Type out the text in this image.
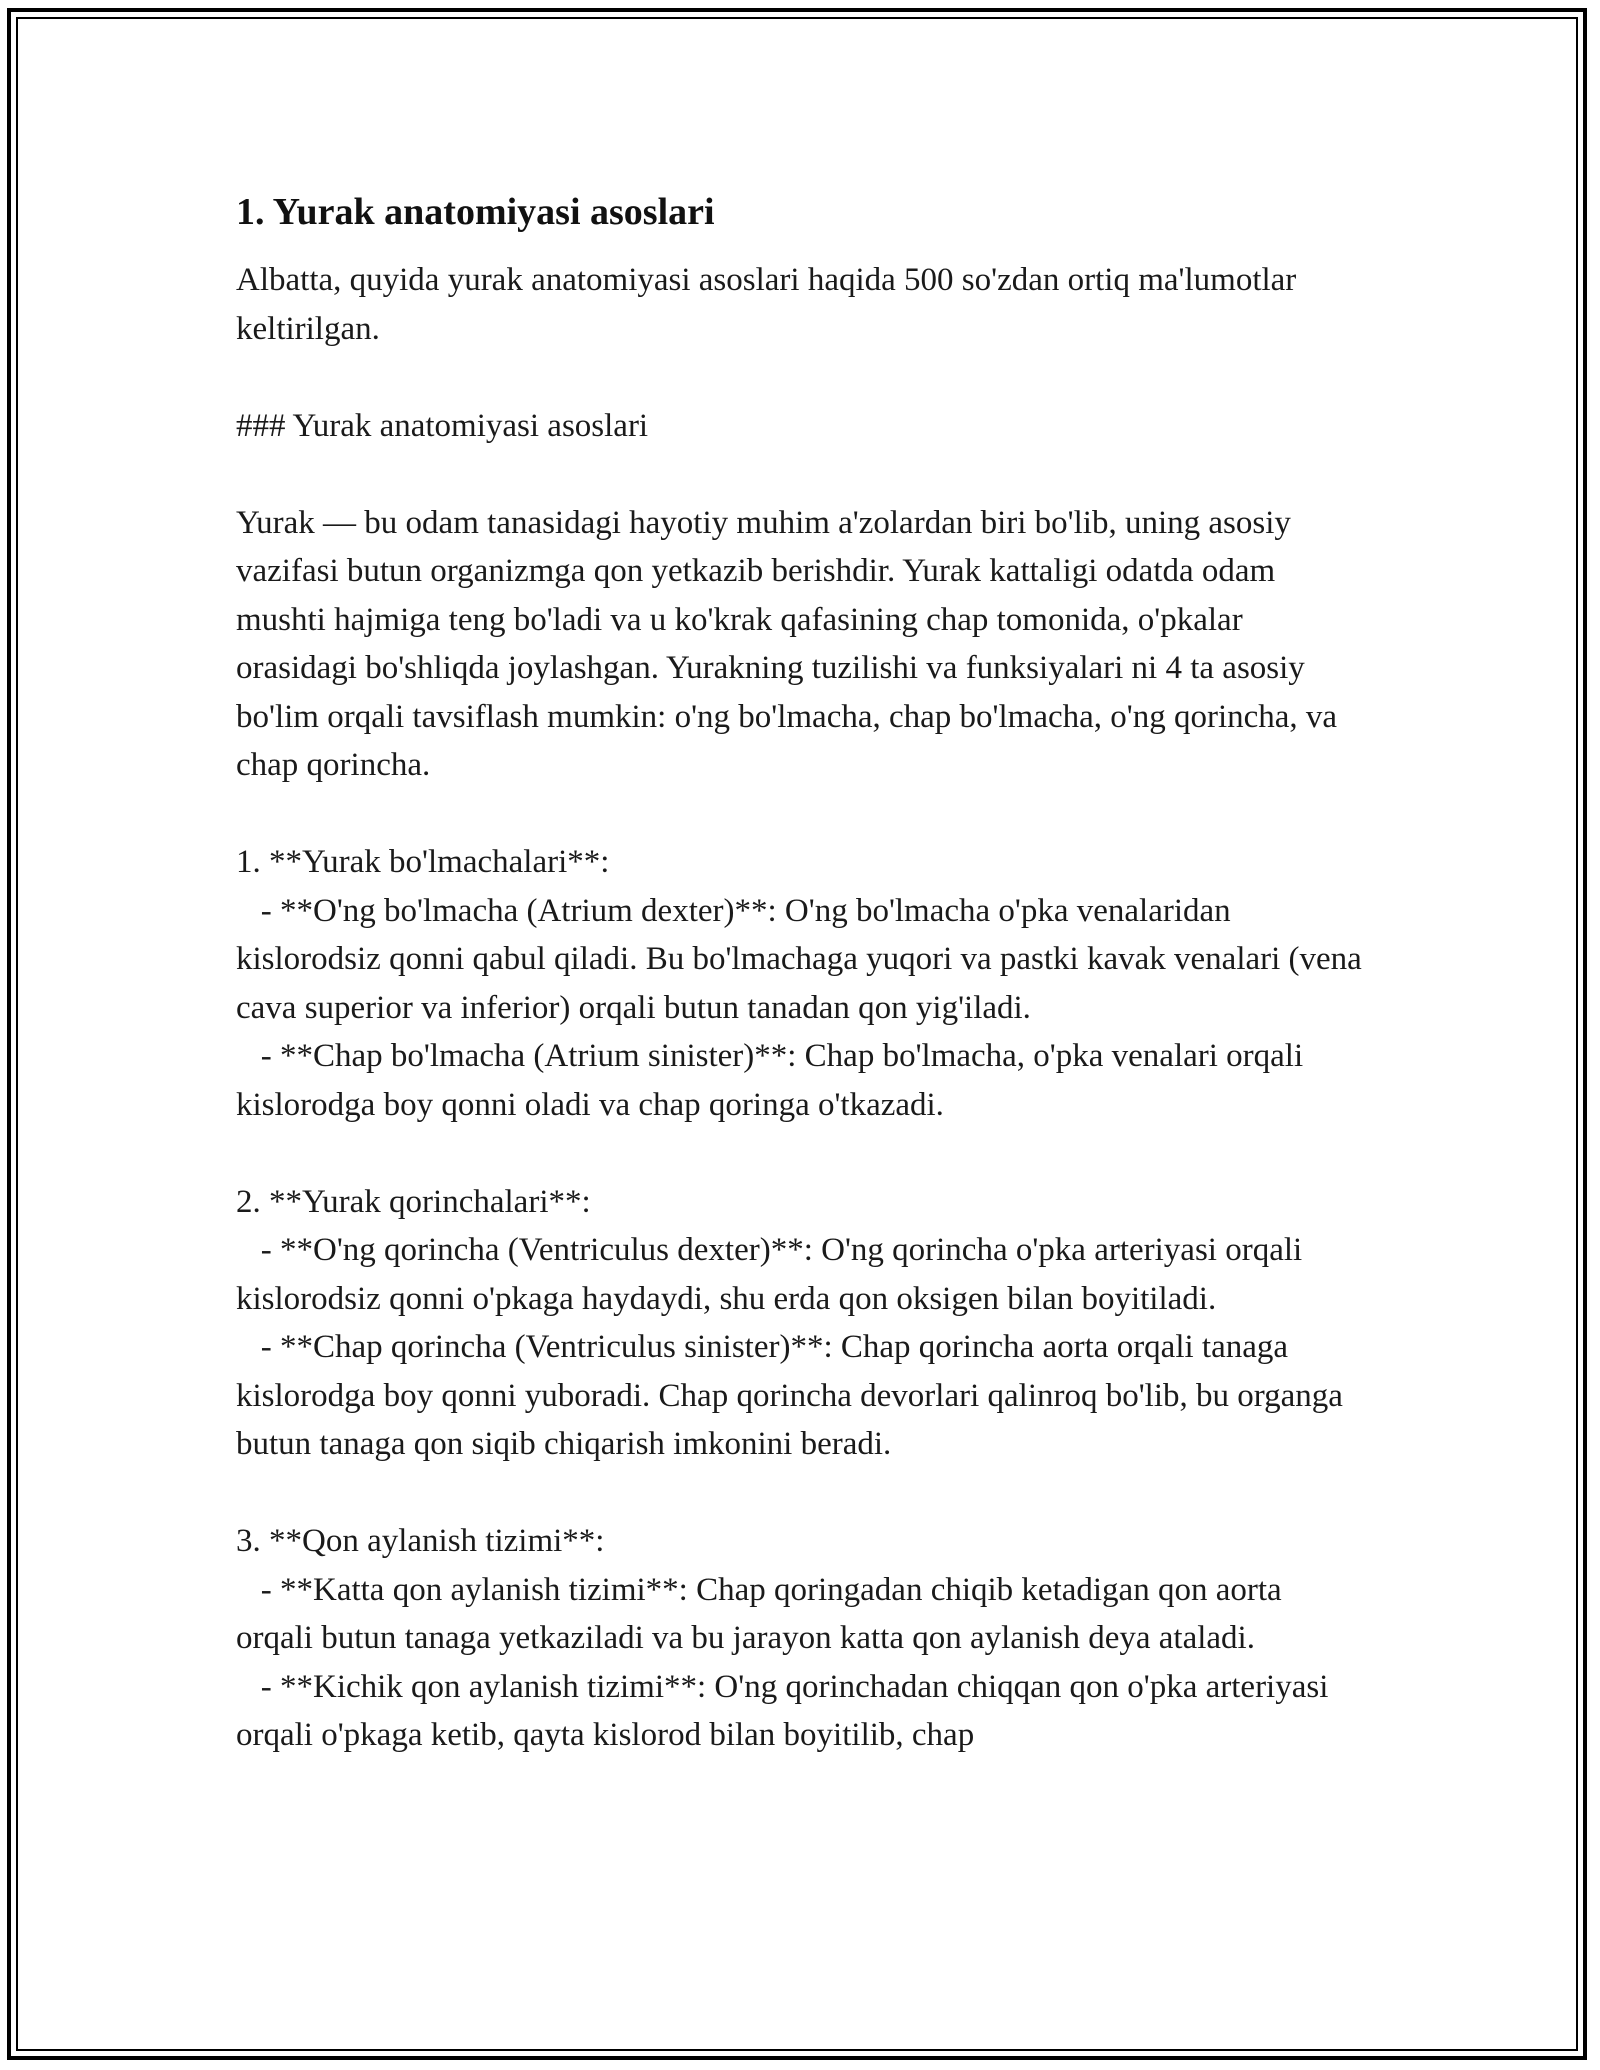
1. Yurak anatomiyasi asoslari

Albatta, quyida yurak anatomiyasi asoslari haqida 500 so'zdan ortiq ma'lumotlar keltirilgan.

### Yurak anatomiyasi asoslari

Yurak — bu odam tanasidagi hayotiy muhim a'zolardan biri bo'lib, uning asosiy vazifasi butun organizmga qon yetkazib berishdir. Yurak kattaligi odatda odam mushti hajmiga teng bo'ladi va u ko'krak qafasining chap tomonida, o'pkalar orasidagi bo'shliqda joylashgan. Yurakning tuzilishi va funksiyalari ni 4 ta asosiy bo'lim orqali tavsiflash mumkin: o'ng bo'lmacha, chap bo'lmacha, o'ng qorincha, va chap qorincha.

1. **Yurak bo'lmachalari**:

- **O'ng bo'lmacha (Atrium dexter)**: O'ng bo'lmacha o'pka venalaridan kislorodsiz qonni qabul qiladi. Bu bo'lmachaga yuqori va pastki kavak venalari (vena cava superior va inferior) orqali butun tanadan qon yig'iladi.

- **Chap bo'lmacha (Atrium sinister)**: Chap bo'lmacha, o'pka venalari orqali kislorodga boy qonni oladi va chap qoringa o'tkazadi.

2. **Yurak qorinchalari**:

- **O'ng qorincha (Ventriculus dexter)**: O'ng qorincha o'pka arteriyasi orqali kislorodsiz qonni o'pkaga haydaydi, shu erda qon oksigen bilan boyitiladi.

- **Chap qorincha (Ventriculus sinister)**: Chap qorincha aorta orqali tanaga kislorodga boy qonni yuboradi. Chap qorincha devorlari qalinroq bo'lib, bu organga butun tanaga qon siqib chiqarish imkonini beradi.

3. **Qon aylanish tizimi**:

- **Katta qon aylanish tizimi**: Chap qoringadan chiqib ketadigan qon aorta orqali butun tanaga yetkaziladi va bu jarayon katta qon aylanish deya ataladi.

- **Kichik qon aylanish tizimi**: O'ng qorinchadan chiqqan qon o'pka arteriyasi orqali o'pkaga ketib, qayta kislorod bilan boyitilib, chap
